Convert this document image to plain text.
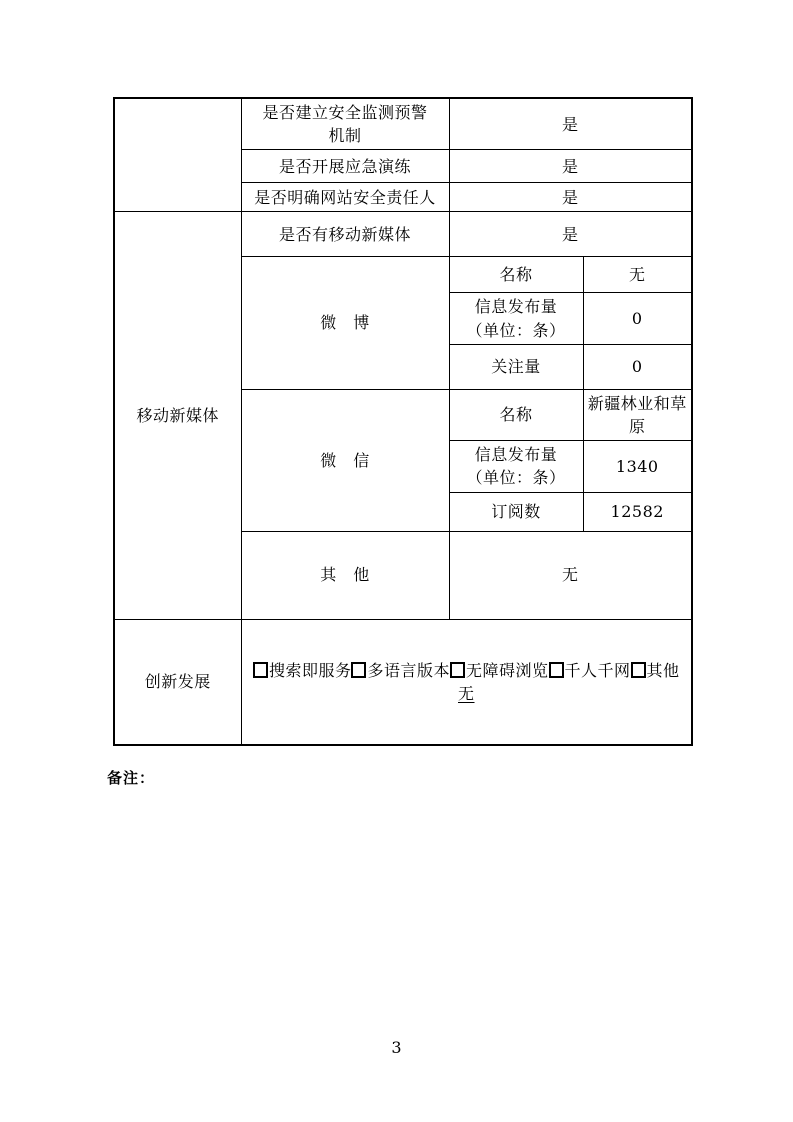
	是否建立安全监测预警
机制	是	
	是否开展应急演练	是	
	是否明确网站安全责任人	是	
移动新媒体	是否有移动新媒体	是	
	微　博	名称	无

		信息发布量
（单位：条）	0
		关注量	0
	微　信	名称	新疆林业和草原

		信息发布量
（单位：条）	1340
		订阅数	12582
	其　他	无	
创新发展	搜索即服务 多语言版本 无障碍浏览 千人千网 其他
无		
备注：
3
